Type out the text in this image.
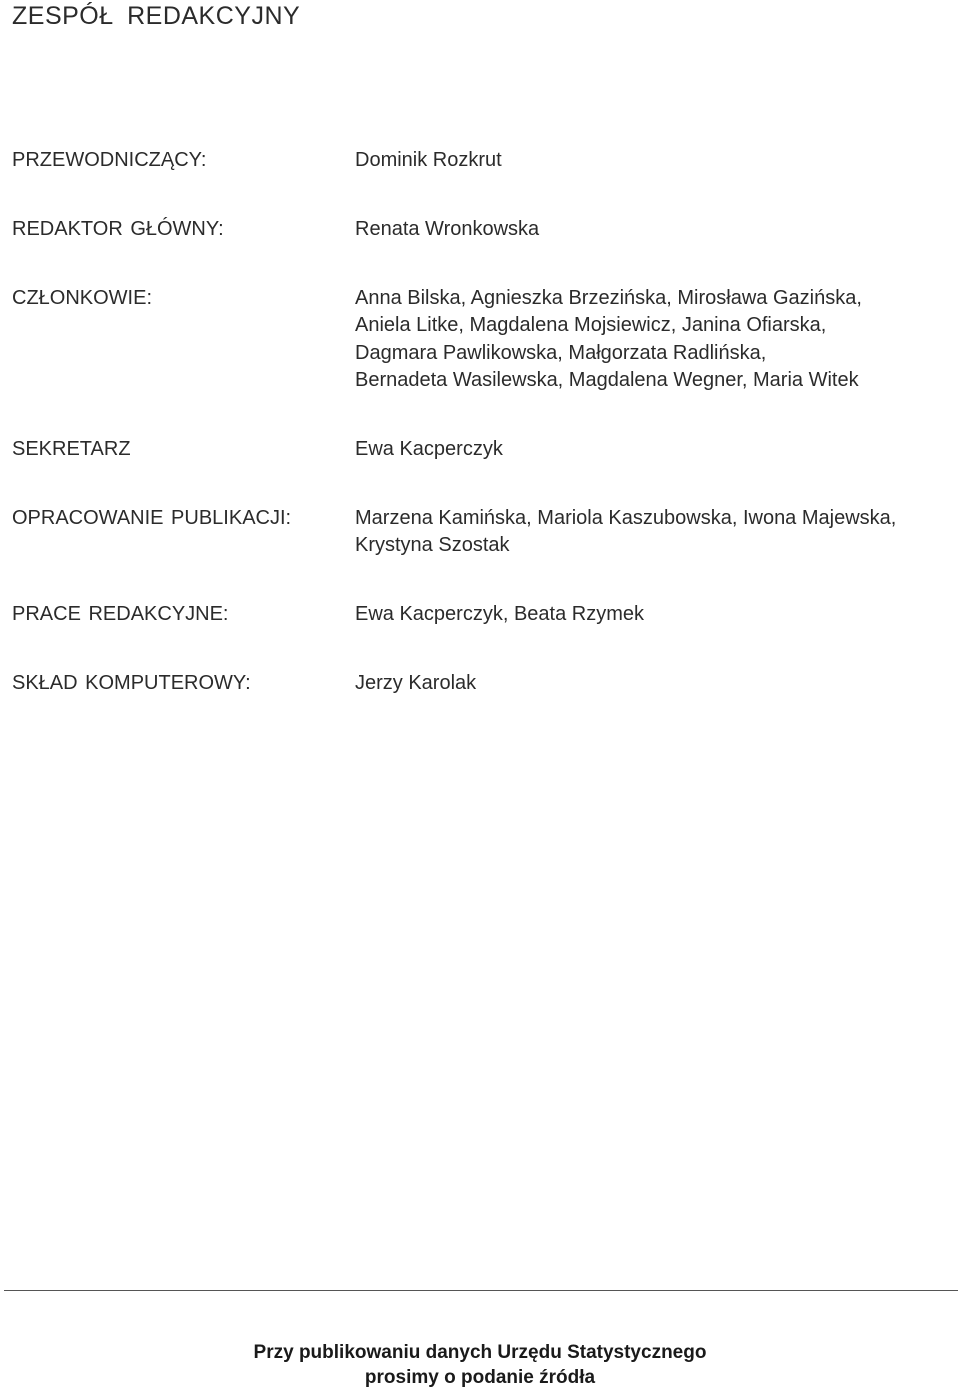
ZESPÓŁ REDAKCYJNY
PRZEWODNICZĄCY:	Dominik Rozkrut
REDAKTOR GŁÓWNY:	Renata Wronkowska
CZŁONKOWIE:	Anna Bilska, Agnieszka Brzezińska, Mirosława Gazińska,
Aniela Litke, Magdalena Mojsiewicz, Janina Ofiarska,
Dagmara Pawlikowska, Małgorzata Radlińska,
Bernadeta Wasilewska, Magdalena Wegner, Maria Witek
SEKRETARZ	Ewa Kacperczyk
OPRACOWANIE PUBLIKACJI:	Marzena Kamińska, Mariola Kaszubowska, Iwona Majewska,
Krystyna Szostak
PRACE REDAKCYJNE:	Ewa Kacperczyk, Beata Rzymek
SKŁAD KOMPUTEROWY:	Jerzy Karolak
Przy publikowaniu danych Urzędu Statystycznego
prosimy o podanie źródła
